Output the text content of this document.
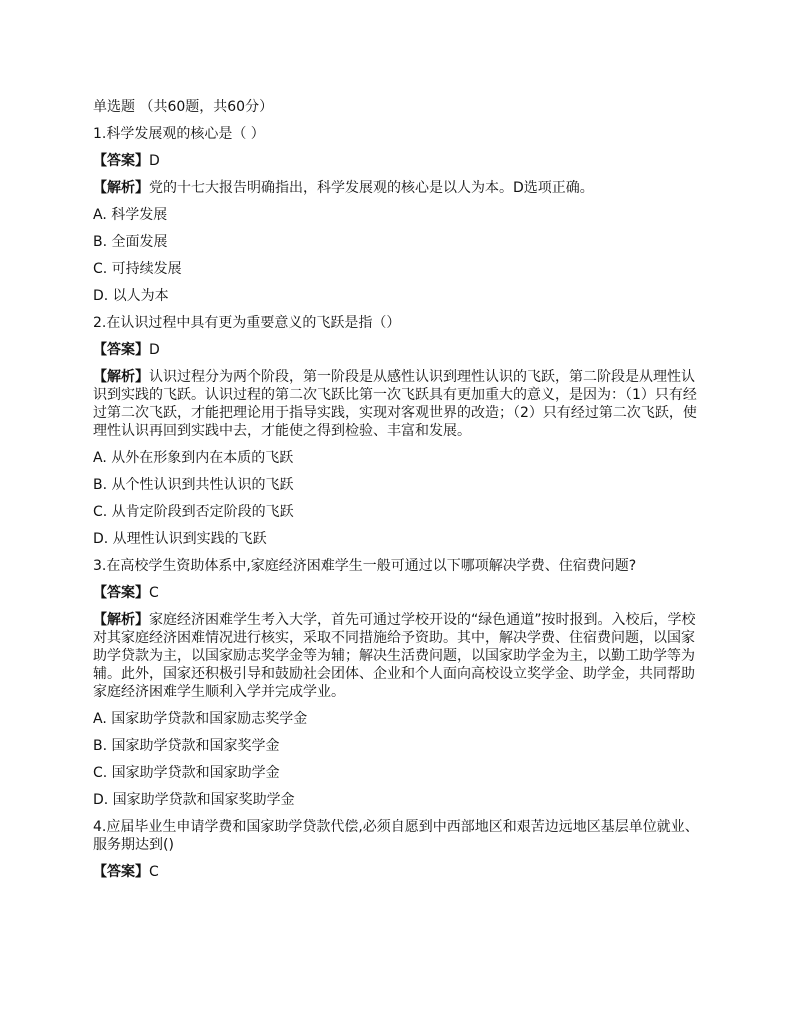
单选题 （共60题，共60分）
1.科学发展观的核心是（ ）
【答案】D
【解析】党的十七大报告明确指出，科学发展观的核心是以人为本。D选项正确。
A. 科学发展
B. 全面发展
C. 可持续发展
D. 以人为本
2.在认识过程中具有更为重要意义的飞跃是指（）
【答案】D
【解析】认识过程分为两个阶段，第一阶段是从感性认识到理性认识的飞跃，第二阶段是从理性认识到实践的飞跃。认识过程的第二次飞跃比第一次飞跃具有更加重大的意义，是因为：（1）只有经过第二次飞跃，才能把理论用于指导实践，实现对客观世界的改造；（2）只有经过第二次飞跃，使理性认识再回到实践中去，才能使之得到检验、丰富和发展。
A. 从外在形象到内在本质的飞跃
B. 从个性认识到共性认识的飞跃
C. 从肯定阶段到否定阶段的飞跃
D. 从理性认识到实践的飞跃
3.在高校学生资助体系中,家庭经济困难学生一般可通过以下哪项解决学费、住宿费问题?
【答案】C
【解析】家庭经济困难学生考入大学，首先可通过学校开设的“绿色通道”按时报到。入校后，学校对其家庭经济困难情况进行核实，采取不同措施给予资助。其中，解决学费、住宿费问题，以国家助学贷款为主，以国家励志奖学金等为辅；解决生活费问题，以国家助学金为主，以勤工助学等为辅。此外，国家还积极引导和鼓励社会团体、企业和个人面向高校设立奖学金、助学金，共同帮助家庭经济困难学生顺利入学并完成学业。
A. 国家助学贷款和国家励志奖学金
B. 国家助学贷款和国家奖学金
C. 国家助学贷款和国家助学金
D. 国家助学贷款和国家奖助学金
4.应届毕业生申请学费和国家助学贷款代偿,必须自愿到中西部地区和艰苦边远地区基层单位就业、服务期达到()
【答案】C
